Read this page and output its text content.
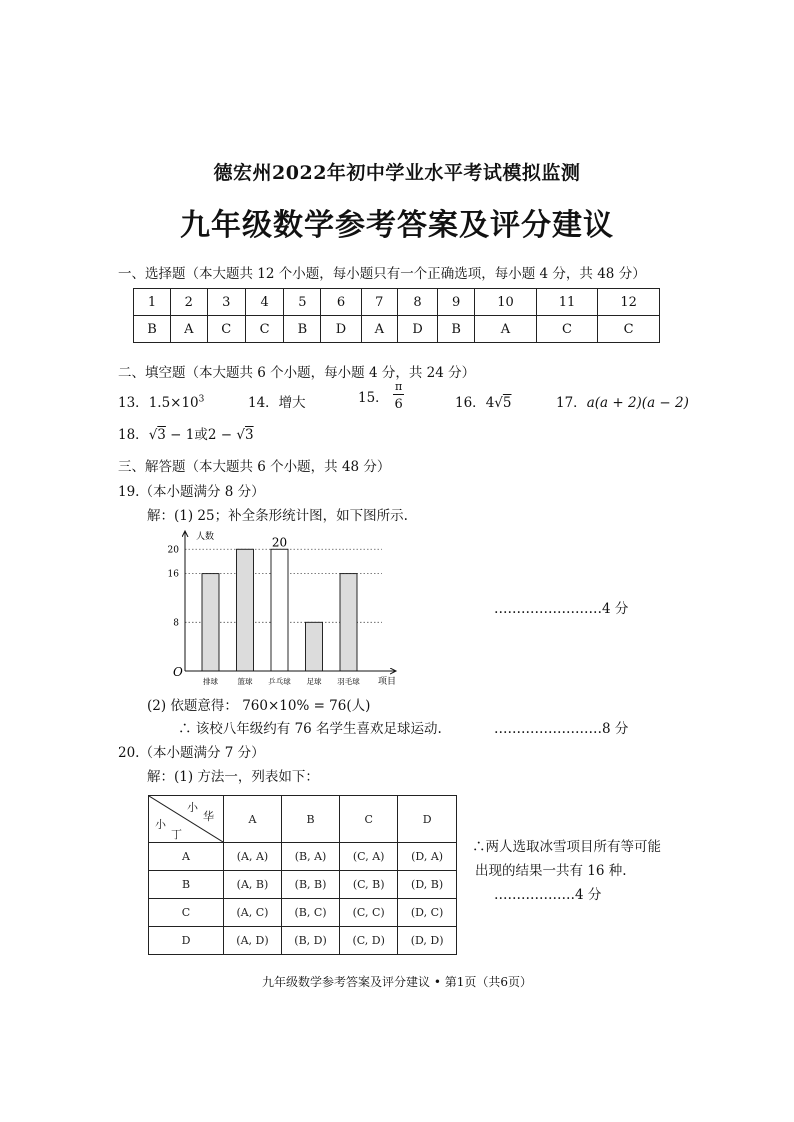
德宏州2022年初中学业水平考试模拟监测
九年级数学参考答案及评分建议
一、选择题（本大题共 12 个小题，每小题只有一个正确选项，每小题 4 分，共 48 分）
1	2	3	4	5	6	7	8	9	10	11	12
B	A	C	C	B	D	A	D	B	A	C	C
二、填空题（本大题共 6 个小题，每小题 4 分，共 24 分）
13．$1.5\times 10^3$	14．增大	15． $\frac{\pi}{6}$	16．4√5	17．a(a + 2)(a − 2)
18．√3 − 1或2 − √3
三、解答题（本大题共 6 个小题，共 48 分）
19.（本小题满分 8 分）
解：(1) 25；补全条形统计图，如下图所示.
20
人数
项目
O
8
16
20
排球	篮球 乒乓球 足球 羽毛球
……………………4 分
(2) 依题意得： 760×10% = 76(人)
∴ 该校八年级约有 76 名学生喜欢足球运动.	……………………8 分
20.（本小题满分 7 分）
解：(1) 方法一，列表如下：
小
华
小
丁	A	B	C	D
A	(A, A)	(B, A)	(C, A)	(D, A)
B	(A, B)	(B, B)	(C, B)	(D, B)
C	(A, C)	(B, C)	(C, C)	(D, C)
D	(A, D)	(B, D)	(C, D)	(D, D)
∴两人选取冰雪项目所有等可能
出现的结果一共有 16 种.
………………4 分
九年级数学参考答案及评分建议 • 第1页（共6页）
